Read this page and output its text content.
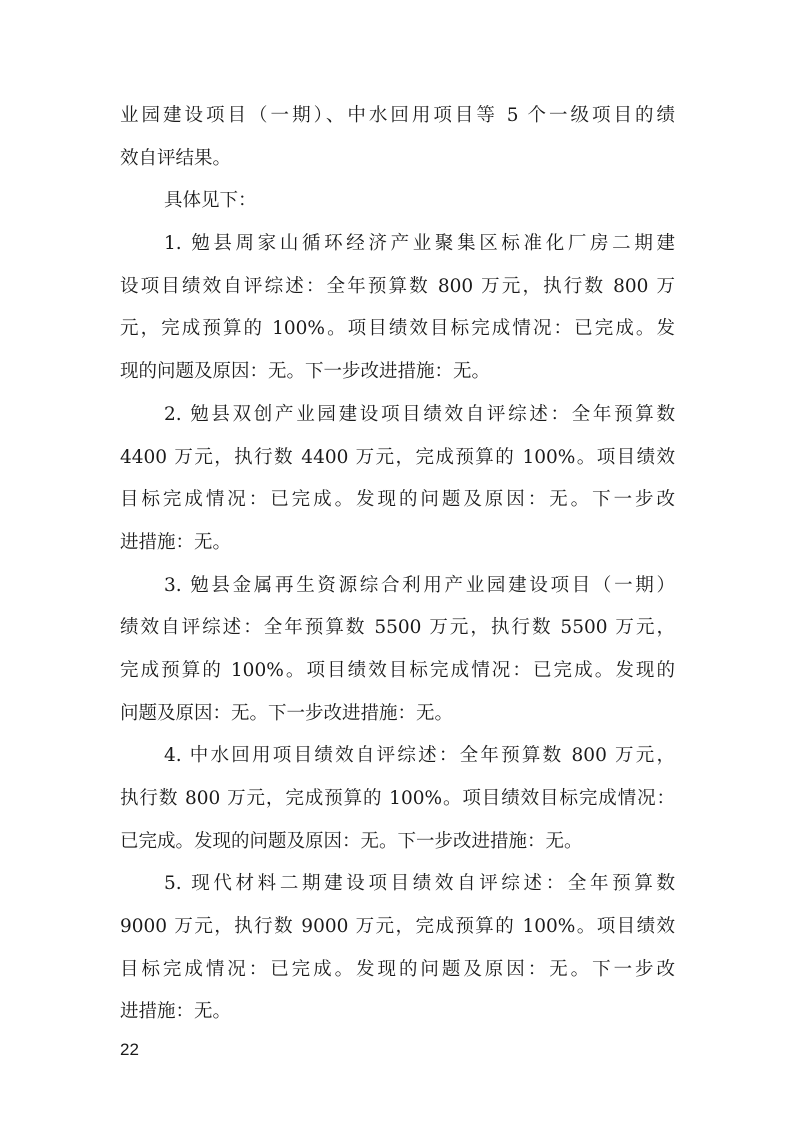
业园建设项目（一期）、中水回用项目等 5 个一级项目的绩
效自评结果。
具体见下：
1. 勉县周家山循环经济产业聚集区标准化厂房二期建
设项目绩效自评综述：全年预算数 800 万元，执行数 800 万
元，完成预算的 100%。项目绩效目标完成情况：已完成。发
现的问题及原因：无。下一步改进措施：无。
2. 勉县双创产业园建设项目绩效自评综述：全年预算数
4400 万元，执行数 4400 万元，完成预算的 100%。项目绩效
目标完成情况：已完成。发现的问题及原因：无。下一步改
进措施：无。
3. 勉县金属再生资源综合利用产业园建设项目（一期）
绩效自评综述：全年预算数 5500 万元，执行数 5500 万元，
完成预算的 100%。项目绩效目标完成情况：已完成。发现的
问题及原因：无。下一步改进措施：无。
4. 中水回用项目绩效自评综述：全年预算数 800 万元，
执行数 800 万元，完成预算的 100%。项目绩效目标完成情况：
已完成。发现的问题及原因：无。下一步改进措施：无。
5. 现代材料二期建设项目绩效自评综述：全年预算数
9000 万元，执行数 9000 万元，完成预算的 100%。项目绩效
目标完成情况：已完成。发现的问题及原因：无。下一步改
进措施：无。
22
